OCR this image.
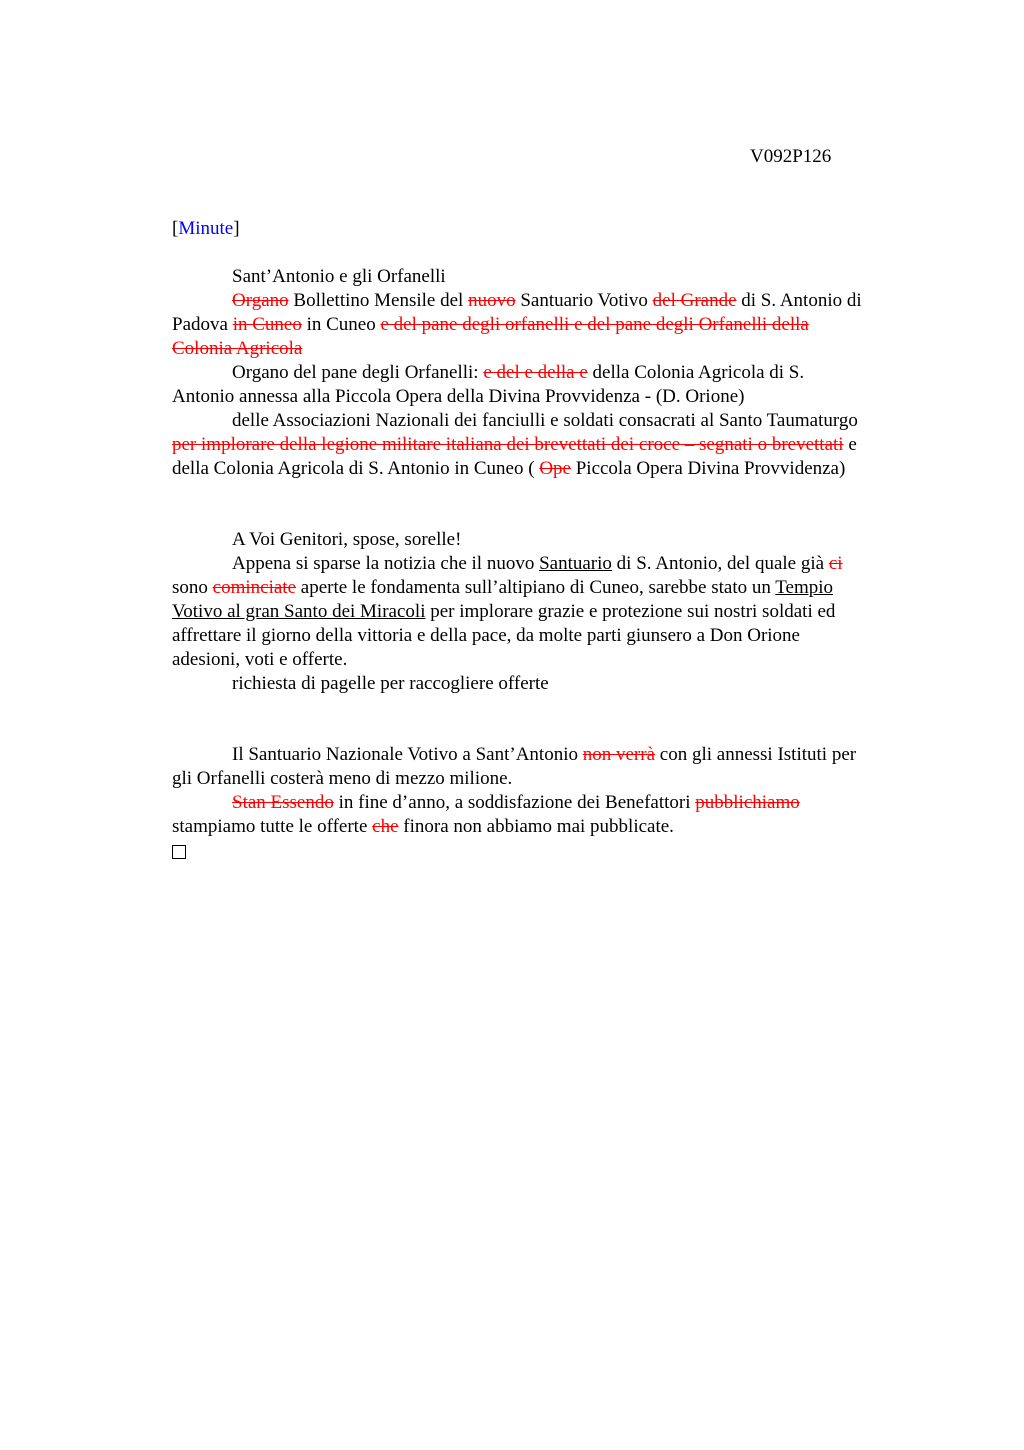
V092P126

[Minute]

Sant’Antonio e gli Orfanelli

Organo Bollettino Mensile del nuovo Santuario Votivo del Grande di S. Antonio di

Padova in Cuneo in Cuneo e del pane degli orfanelli e del pane degli Orfanelli della

Colonia Agricola

Organo del pane degli Orfanelli: e del e della e della Colonia Agricola di S.

Antonio annessa alla Piccola Opera della Divina Provvidenza - (D. Orione)

delle Associazioni Nazionali dei fanciulli e soldati consacrati al Santo Taumaturgo

per implorare della legione militare italiana dei brevettati dei croce – segnati o brevettati e

della Colonia Agricola di S. Antonio in Cuneo ( Ope Piccola Opera Divina Provvidenza)

A Voi Genitori, spose, sorelle!

Appena si sparse la notizia che il nuovo Santuario di S. Antonio, del quale già ci

sono cominciate aperte le fondamenta sull’altipiano di Cuneo, sarebbe stato un Tempio

Votivo al gran Santo dei Miracoli per implorare grazie e protezione sui nostri soldati ed

affrettare il giorno della vittoria e della pace, da molte parti giunsero a Don Orione

adesioni, voti e offerte.

richiesta di pagelle per raccogliere offerte

Il Santuario Nazionale Votivo a Sant’Antonio non verrà con gli annessi Istituti per

gli Orfanelli costerà meno di mezzo milione.

Stan Essendo in fine d’anno, a soddisfazione dei Benefattori pubblichiamo

stampiamo tutte le offerte che finora non abbiamo mai pubblicate.
